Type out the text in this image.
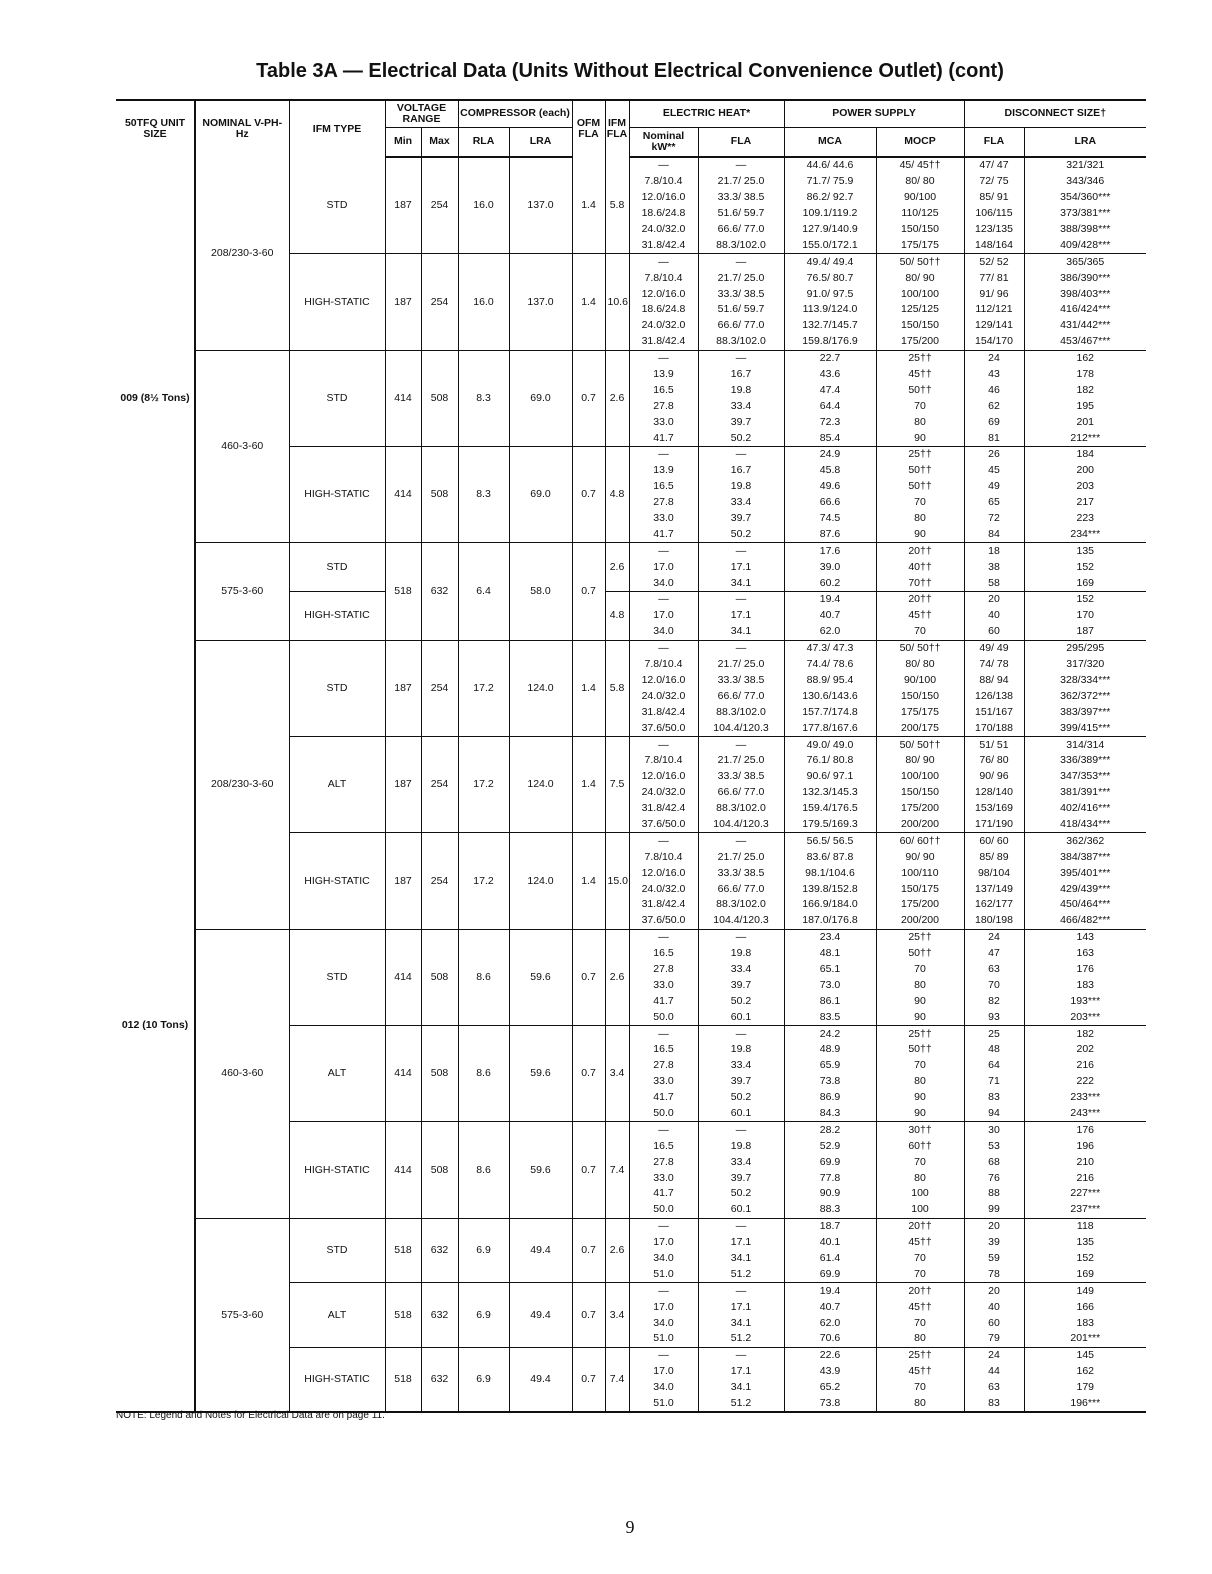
Table 3A — Electrical Data (Units Without Electrical Convenience Outlet) (cont)
50TFQ UNIT SIZE	NOMINAL V-PH-Hz	IFM TYPE	VOLTAGE RANGE		COMPRESSOR (each)		OFM FLA	IFM FLA	ELECTRIC HEAT*		POWER SUPPLY		DISCONNECT SIZE†	
			Min	Max	RLA	LRA			Nominal kW**	FLA	MCA	MOCP	FLA	LRA
009 (8½ Tons)	208/230-3-60	STD	187	254	16.0	137.0	1.4	5.8	—	—	44.6/ 44.6	45/ 45††	47/ 47	321/321
									7.8/10.4	21.7/ 25.0	71.7/ 75.9	80/ 80	72/ 75	343/346
									12.0/16.0	33.3/ 38.5	86.2/ 92.7	90/100	85/ 91	354/360***
									18.6/24.8	51.6/ 59.7	109.1/119.2	110/125	106/115	373/381***
									24.0/32.0	66.6/ 77.0	127.9/140.9	150/150	123/135	388/398***
									31.8/42.4	88.3/102.0	155.0/172.1	175/175	148/164	409/428***
		HIGH-STATIC	187	254	16.0	137.0	1.4	10.6	—	—	49.4/ 49.4	50/ 50††	52/ 52	365/365
									7.8/10.4	21.7/ 25.0	76.5/ 80.7	80/ 90	77/ 81	386/390***
									12.0/16.0	33.3/ 38.5	91.0/ 97.5	100/100	91/ 96	398/403***
									18.6/24.8	51.6/ 59.7	113.9/124.0	125/125	112/121	416/424***
									24.0/32.0	66.6/ 77.0	132.7/145.7	150/150	129/141	431/442***
									31.8/42.4	88.3/102.0	159.8/176.9	175/200	154/170	453/467***
	460-3-60	STD	414	508	8.3	69.0	0.7	2.6	—	—	22.7	25††	24	162
									13.9	16.7	43.6	45††	43	178
									16.5	19.8	47.4	50††	46	182
									27.8	33.4	64.4	70	62	195
									33.0	39.7	72.3	80	69	201
									41.7	50.2	85.4	90	81	212***
		HIGH-STATIC	414	508	8.3	69.0	0.7	4.8	—	—	24.9	25††	26	184
									13.9	16.7	45.8	50††	45	200
									16.5	19.8	49.6	50††	49	203
									27.8	33.4	66.6	70	65	217
									33.0	39.7	74.5	80	72	223
									41.7	50.2	87.6	90	84	234***
	575-3-60	STD	518	632	6.4	58.0	0.7	2.6	—	—	17.6	20††	18	135
									17.0	17.1	39.0	40††	38	152
									34.0	34.1	60.2	70††	58	169
		HIGH-STATIC						4.8	—	—	19.4	20††	20	152
									17.0	17.1	40.7	45††	40	170
									34.0	34.1	62.0	70	60	187
012 (10 Tons)	208/230-3-60	STD	187	254	17.2	124.0	1.4	5.8	—	—	47.3/ 47.3	50/ 50††	49/ 49	295/295
									7.8/10.4	21.7/ 25.0	74.4/ 78.6	80/ 80	74/ 78	317/320
									12.0/16.0	33.3/ 38.5	88.9/ 95.4	90/100	88/ 94	328/334***
									24.0/32.0	66.6/ 77.0	130.6/143.6	150/150	126/138	362/372***
									31.8/42.4	88.3/102.0	157.7/174.8	175/175	151/167	383/397***
									37.6/50.0	104.4/120.3	177.8/167.6	200/175	170/188	399/415***
		ALT	187	254	17.2	124.0	1.4	7.5	—	—	49.0/ 49.0	50/ 50††	51/ 51	314/314
									7.8/10.4	21.7/ 25.0	76.1/ 80.8	80/ 90	76/ 80	336/389***
									12.0/16.0	33.3/ 38.5	90.6/ 97.1	100/100	90/ 96	347/353***
									24.0/32.0	66.6/ 77.0	132.3/145.3	150/150	128/140	381/391***
									31.8/42.4	88.3/102.0	159.4/176.5	175/200	153/169	402/416***
									37.6/50.0	104.4/120.3	179.5/169.3	200/200	171/190	418/434***
		HIGH-STATIC	187	254	17.2	124.0	1.4	15.0	—	—	56.5/ 56.5	60/ 60††	60/ 60	362/362
									7.8/10.4	21.7/ 25.0	83.6/ 87.8	90/ 90	85/ 89	384/387***
									12.0/16.0	33.3/ 38.5	98.1/104.6	100/110	98/104	395/401***
									24.0/32.0	66.6/ 77.0	139.8/152.8	150/175	137/149	429/439***
									31.8/42.4	88.3/102.0	166.9/184.0	175/200	162/177	450/464***
									37.6/50.0	104.4/120.3	187.0/176.8	200/200	180/198	466/482***
	460-3-60	STD	414	508	8.6	59.6	0.7	2.6	—	—	23.4	25††	24	143
									16.5	19.8	48.1	50††	47	163
									27.8	33.4	65.1	70	63	176
									33.0	39.7	73.0	80	70	183
									41.7	50.2	86.1	90	82	193***
									50.0	60.1	83.5	90	93	203***
		ALT	414	508	8.6	59.6	0.7	3.4	—	—	24.2	25††	25	182
									16.5	19.8	48.9	50††	48	202
									27.8	33.4	65.9	70	64	216
									33.0	39.7	73.8	80	71	222
									41.7	50.2	86.9	90	83	233***
									50.0	60.1	84.3	90	94	243***
		HIGH-STATIC	414	508	8.6	59.6	0.7	7.4	—	—	28.2	30††	30	176
									16.5	19.8	52.9	60††	53	196
									27.8	33.4	69.9	70	68	210
									33.0	39.7	77.8	80	76	216
									41.7	50.2	90.9	100	88	227***
									50.0	60.1	88.3	100	99	237***
	575-3-60	STD	518	632	6.9	49.4	0.7	2.6	—	—	18.7	20††	20	118
									17.0	17.1	40.1	45††	39	135
									34.0	34.1	61.4	70	59	152
									51.0	51.2	69.9	70	78	169
		ALT	518	632	6.9	49.4	0.7	3.4	—	—	19.4	20††	20	149
									17.0	17.1	40.7	45††	40	166
									34.0	34.1	62.0	70	60	183
									51.0	51.2	70.6	80	79	201***
		HIGH-STATIC	518	632	6.9	49.4	0.7	7.4	—	—	22.6	25††	24	145
									17.0	17.1	43.9	45††	44	162
									34.0	34.1	65.2	70	63	179
									51.0	51.2	73.8	80	83	196***
NOTE: Legend and Notes for Electrical Data are on page 11.
9
